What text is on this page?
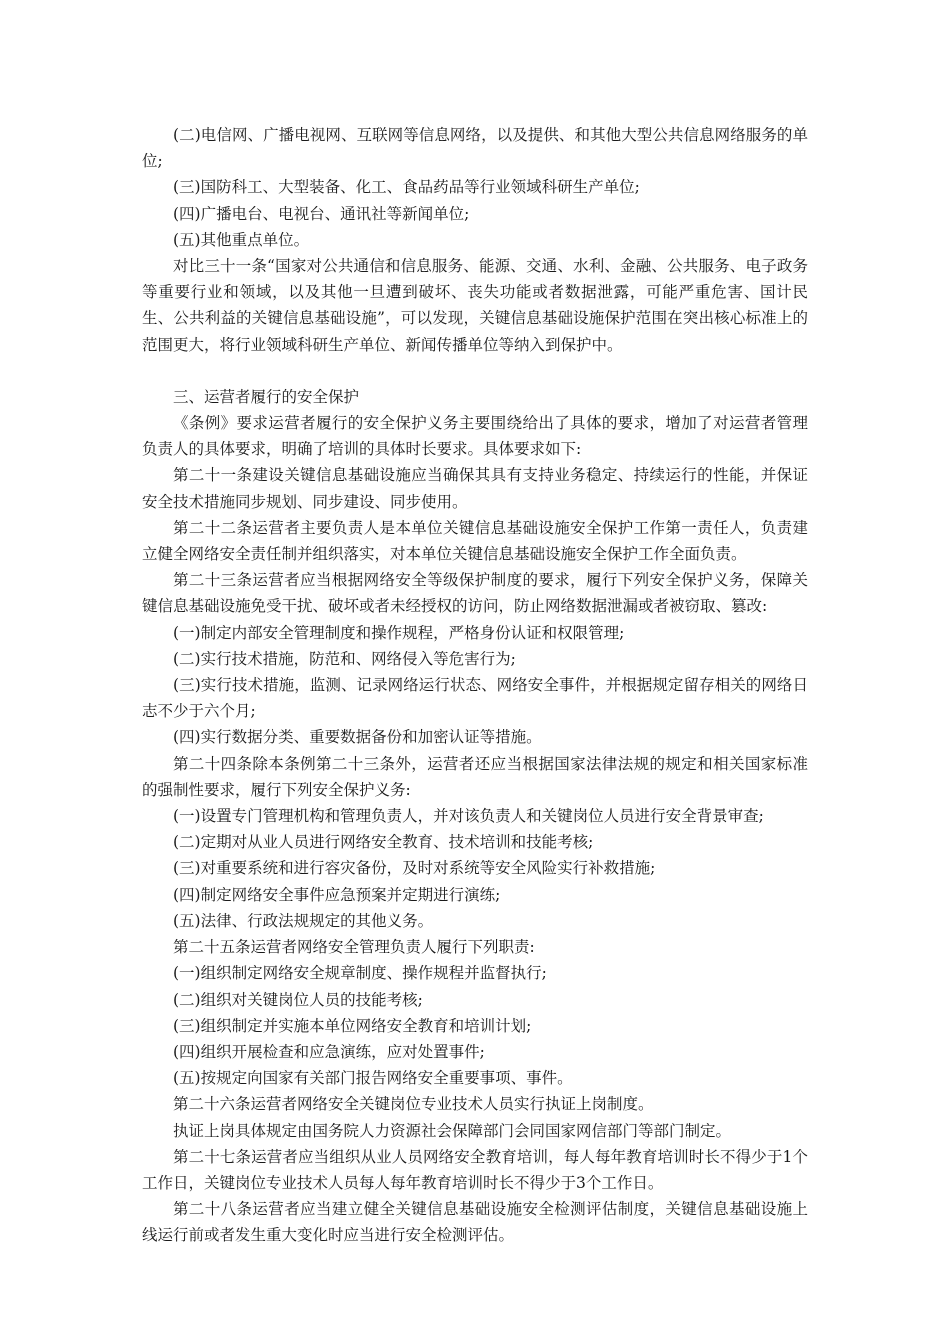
(二)电信网、广播电视网、互联网等信息网络，以及提供、和其他大型公共信息网络服务的单位;

(三)国防科工、大型装备、化工、食品药品等行业领域科研生产单位;

(四)广播电台、电视台、通讯社等新闻单位;

(五)其他重点单位。

对比三十一条“国家对公共通信和信息服务、能源、交通、水利、金融、公共服务、电子政务等重要行业和领域，以及其他一旦遭到破坏、丧失功能或者数据泄露，可能严重危害、国计民生、公共利益的关键信息基础设施”，可以发现，关键信息基础设施保护范围在突出核心标准上的范围更大，将行业领域科研生产单位、新闻传播单位等纳入到保护中。

三、运营者履行的安全保护

《条例》要求运营者履行的安全保护义务主要围绕给出了具体的要求，增加了对运营者管理负责人的具体要求，明确了培训的具体时长要求。具体要求如下:

第二十一条建设关键信息基础设施应当确保其具有支持业务稳定、持续运行的性能，并保证安全技术措施同步规划、同步建设、同步使用。

第二十二条运营者主要负责人是本单位关键信息基础设施安全保护工作第一责任人，负责建立健全网络安全责任制并组织落实，对本单位关键信息基础设施安全保护工作全面负责。

第二十三条运营者应当根据网络安全等级保护制度的要求，履行下列安全保护义务，保障关键信息基础设施免受干扰、破坏或者未经授权的访问，防止网络数据泄漏或者被窃取、篡改:

(一)制定内部安全管理制度和操作规程，严格身份认证和权限管理;

(二)实行技术措施，防范和、网络侵入等危害行为;

(三)实行技术措施，监测、记录网络运行状态、网络安全事件，并根据规定留存相关的网络日志不少于六个月;

(四)实行数据分类、重要数据备份和加密认证等措施。

第二十四条除本条例第二十三条外，运营者还应当根据国家法律法规的规定和相关国家标准的强制性要求，履行下列安全保护义务:

(一)设置专门管理机构和管理负责人，并对该负责人和关键岗位人员进行安全背景审查;

(二)定期对从业人员进行网络安全教育、技术培训和技能考核;

(三)对重要系统和进行容灾备份，及时对系统等安全风险实行补救措施;

(四)制定网络安全事件应急预案并定期进行演练;

(五)法律、行政法规规定的其他义务。

第二十五条运营者网络安全管理负责人履行下列职责:

(一)组织制定网络安全规章制度、操作规程并监督执行;

(二)组织对关键岗位人员的技能考核;

(三)组织制定并实施本单位网络安全教育和培训计划;

(四)组织开展检查和应急演练，应对处置事件;

(五)按规定向国家有关部门报告网络安全重要事项、事件。

第二十六条运营者网络安全关键岗位专业技术人员实行执证上岗制度。

执证上岗具体规定由国务院人力资源社会保障部门会同国家网信部门等部门制定。

第二十七条运营者应当组织从业人员网络安全教育培训，每人每年教育培训时长不得少于1个工作日，关键岗位专业技术人员每人每年教育培训时长不得少于3个工作日。

第二十八条运营者应当建立健全关键信息基础设施安全检测评估制度，关键信息基础设施上线运行前或者发生重大变化时应当进行安全检测评估。
